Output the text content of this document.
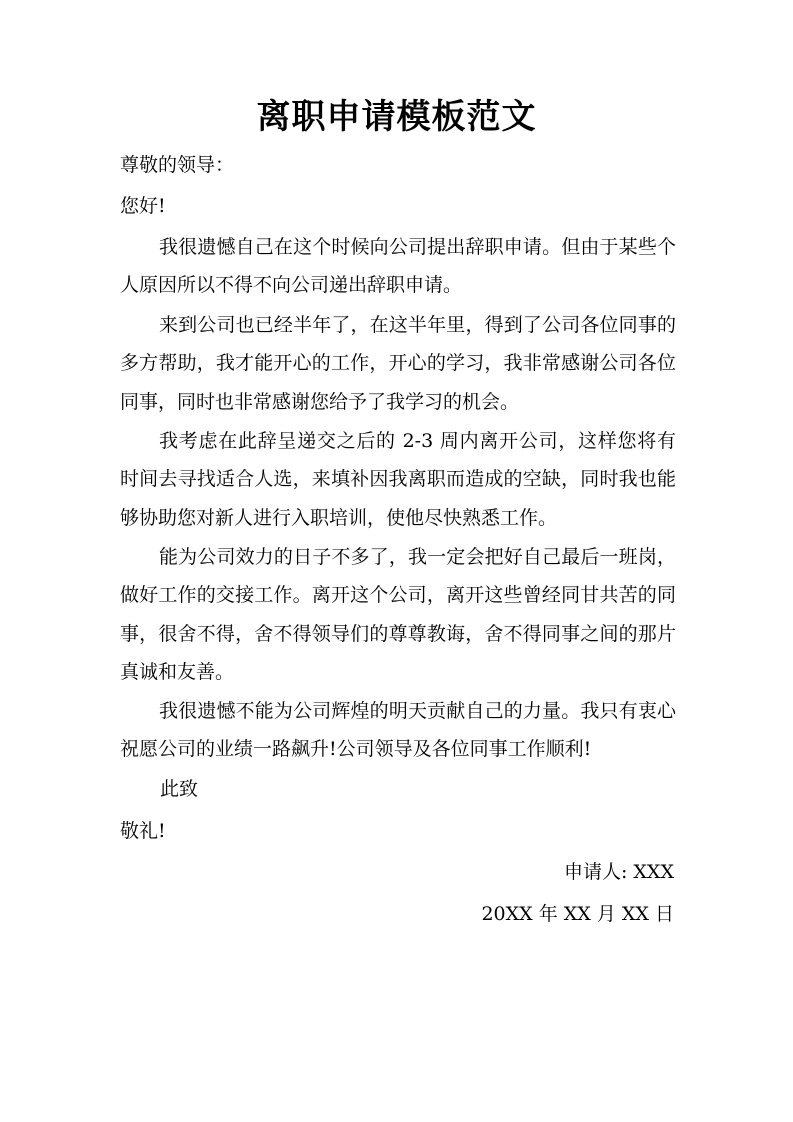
离职申请模板范文
尊敬的领导：
您好!
我很遗憾自己在这个时候向公司提出辞职申请。但由于某些个人原因所以不得不向公司递出辞职申请。
来到公司也已经半年了，在这半年里，得到了公司各位同事的多方帮助，我才能开心的工作，开心的学习，我非常感谢公司各位同事，同时也非常感谢您给予了我学习的机会。
我考虑在此辞呈递交之后的 2-3 周内离开公司，这样您将有时间去寻找适合人选，来填补因我离职而造成的空缺，同时我也能够协助您对新人进行入职培训，使他尽快熟悉工作。
能为公司效力的日子不多了，我一定会把好自己最后一班岗，做好工作的交接工作。离开这个公司，离开这些曾经同甘共苦的同事，很舍不得，舍不得领导们的尊尊教诲，舍不得同事之间的那片真诚和友善。
我很遗憾不能为公司辉煌的明天贡献自己的力量。我只有衷心祝愿公司的业绩一路飙升!公司领导及各位同事工作顺利!
此致
敬礼!
申请人: XXX
20XX 年 XX 月 XX 日
